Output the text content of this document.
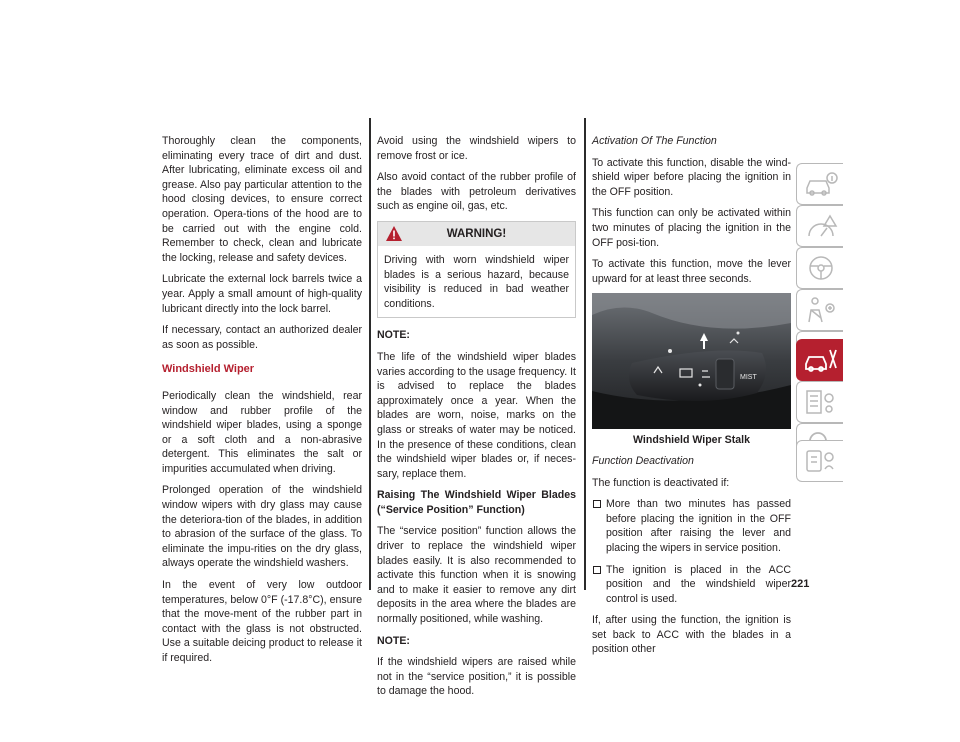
Thoroughly clean the components, eliminating every trace of dirt and dust. After lubricating, eliminate excess oil and grease. Also pay particular attention to the hood closing devices, to ensure correct operation. Opera-tions of the hood are to be carried out with the engine cold. Remember to check, clean and lubricate the locking, release and safety devices.

Lubricate the external lock barrels twice a year. Apply a small amount of high-quality lubricant directly into the lock barrel.

If necessary, contact an authorized dealer as soon as possible.

Windshield Wiper

Periodically clean the windshield, rear window and rubber profile of the windshield wiper blades, using a sponge or a soft cloth and a non-abrasive detergent. This eliminates the salt or impurities accumulated when driving.

Prolonged operation of the windshield window wipers with dry glass may cause the deteriora-tion of the blades, in addition to abrasion of the surface of the glass. To eliminate the impu-rities on the dry glass, always operate the windshield washers.

In the event of very low outdoor temperatures, below 0°F (-17.8°C), ensure that the move-ment of the rubber part in contact with the glass is not obstructed. Use a suitable deicing product to release it if required.

Avoid using the windshield wipers to remove frost or ice.

Also avoid contact of the rubber profile of the blades with petroleum derivatives such as engine oil, gas, etc.

WARNING!
Driving with worn windshield wiper blades is a serious hazard, because visibility is reduced in bad weather conditions.

NOTE:

The life of the windshield wiper blades varies according to the usage frequency. It is advised to replace the blades approximately once a year. When the blades are worn, noise, marks on the glass or streaks of water may be noticed. In the presence of these conditions, clean the windshield wiper blades or, if neces-sary, replace them.

Raising The Windshield Wiper Blades (“Service Position” Function)

The “service position” function allows the driver to replace the windshield wiper blades easily. It is also recommended to activate this function when it is snowing and to make it easier to remove any dirt deposits in the area where the blades are normally positioned, while washing.

NOTE:

If the windshield wipers are raised while not in the “service position,” it is possible to damage the hood.

Activation Of The Function

To activate this function, disable the wind-shield wiper before placing the ignition in the OFF position.

This function can only be activated within two minutes of placing the ignition in the OFF posi-tion.

To activate this function, move the lever upward for at least three seconds.

MIST
Windshield Wiper Stalk

Function Deactivation

The function is deactivated if:

More than two minutes has passed before placing the ignition in the OFF position after raising the lever and placing the wipers in service position.
The ignition is placed in the ACC position and the windshield wiper control is used.

If, after using the function, the ignition is set back to ACC with the blades in a position other

221
